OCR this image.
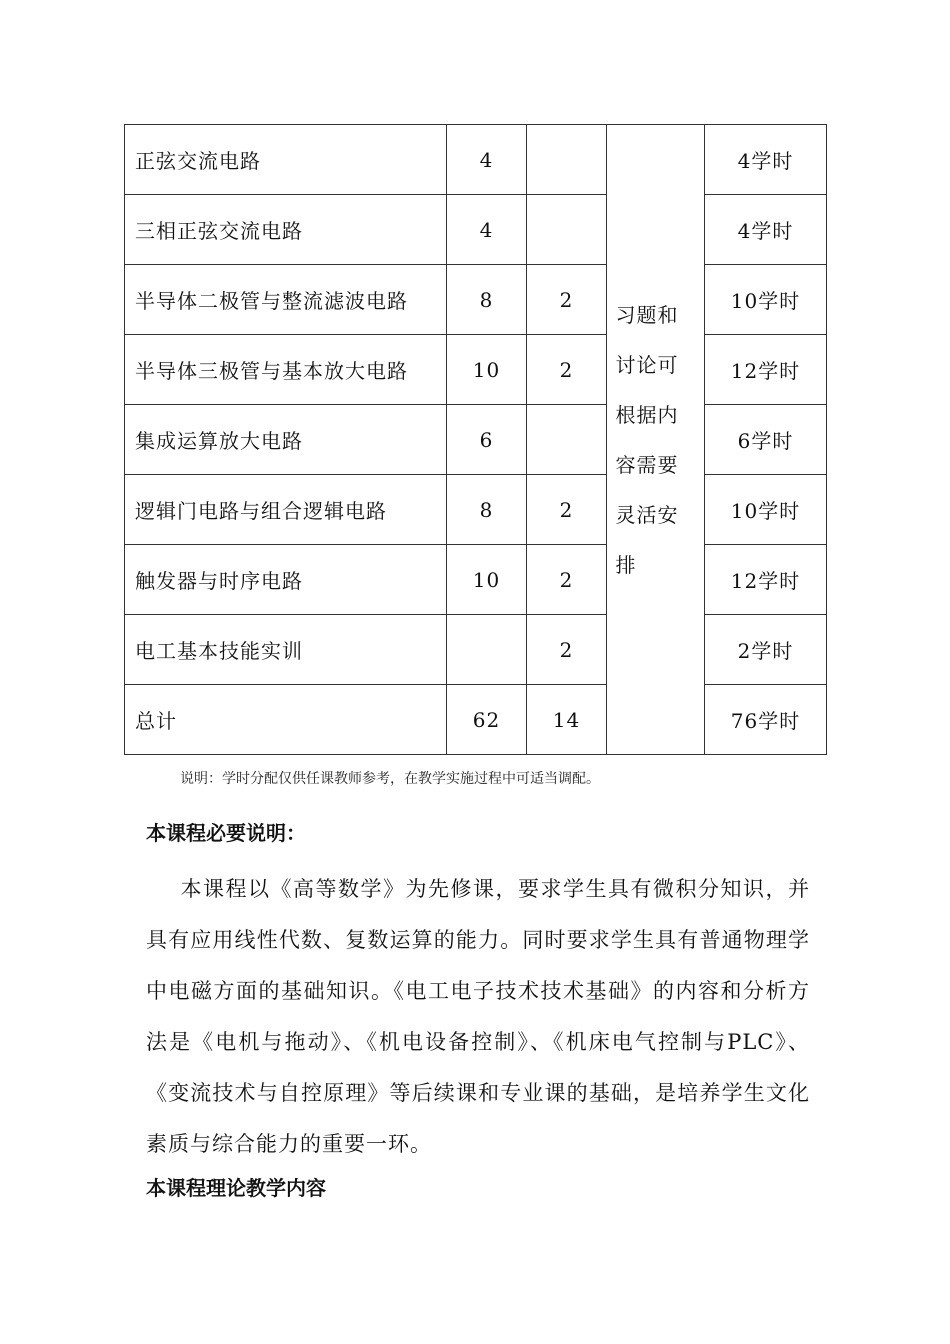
正弦交流电路	4		习题和讨论可根据内容需要灵活安排	4学时
三相正弦交流电路	4			4学时
半导体二极管与整流滤波电路	8	2		10学时
半导体三极管与基本放大电路	10	2		12学时
集成运算放大电路	6			6学时
逻辑门电路与组合逻辑电路	8	2		10学时
触发器与时序电路	10	2		12学时
电工基本技能实训		2		2学时
总计	62	14		76学时
说明：学时分配仅供任课教师参考，在教学实施过程中可适当调配。
本课程必要说明：
本课程以《高等数学》为先修课，要求学生具有微积分知识，并具有应用线性代数、复数运算的能力。同时要求学生具有普通物理学中电磁方面的基础知识。《电工电子技术技术基础》的内容和分析方法是《电机与拖动》、《机电设备控制》、《机床电气控制与PLC》、《变流技术与自控原理》等后续课和专业课的基础，是培养学生文化素质与综合能力的重要一环。
本课程理论教学内容
